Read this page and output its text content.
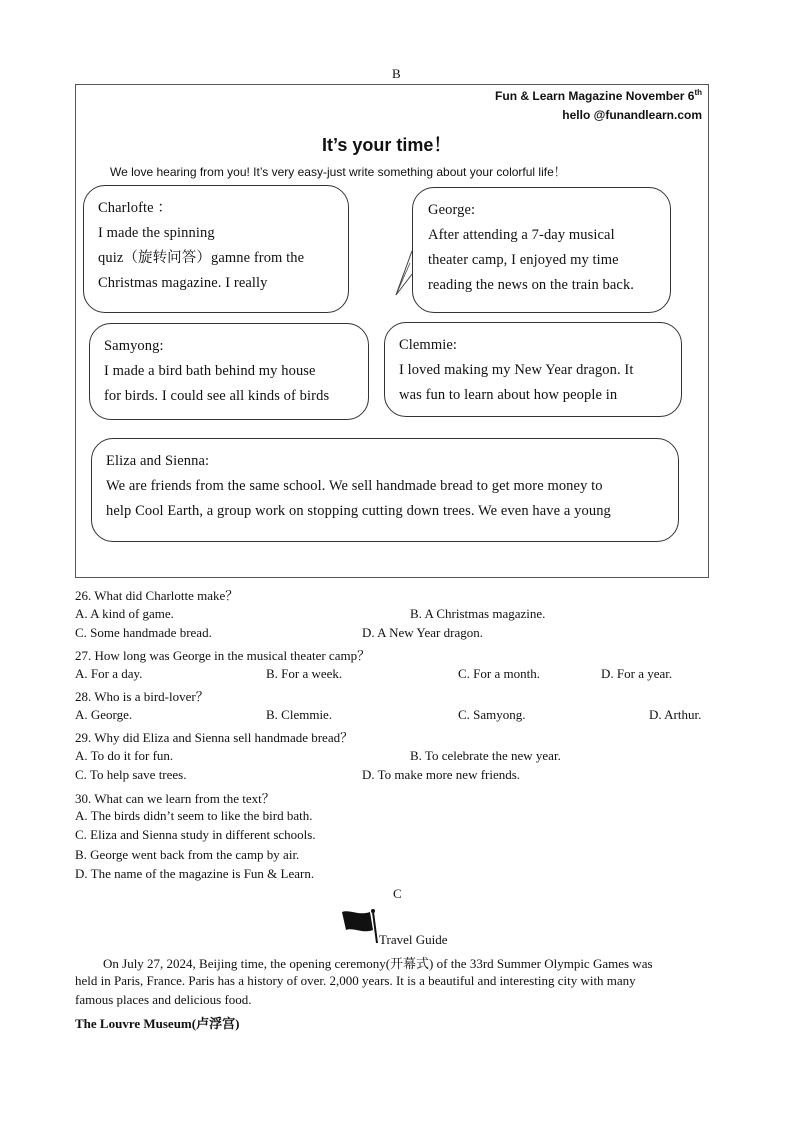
B
Fun & Learn Magazine November 6th
hello @funandlearn.com
It’s your time！
We love hearing from you! It’s very easy-just write something about your colorful life！
Charlofte ：
I made the spinning
quiz（旋转问答）gamne from the
Christmas magazine. I really
George:
After attending a 7-day musical
theater camp, I enjoyed my time
reading the news on the train back.
Samyong:
I made a bird bath behind my house
for birds. I could see all kinds of birds
Clemmie:
I loved making my New Year dragon. It
was fun to learn about how people in
Eliza and Sienna:
We are friends from the same school. We sell handmade bread to get more money to
help Cool Earth, a group work on stopping cutting down trees. We even have a young
26. What did Charlotte make？
A. A kind of game.	B. A Christmas magazine.
C. Some handmade bread.	D. A New Year dragon.
27. How long was George in the musical theater camp？
A. For a day.	B. For a week.	C. For a month.	D. For a year.
28. Who is a bird-lover？
A. George.	B. Clemmie.	C. Samyong.	D. Arthur.
29. Why did Eliza and Sienna sell handmade bread？
A. To do it for fun.	B. To celebrate the new year.
C. To help save trees.	D. To make more new friends.
30. What can we learn from the text？
A. The birds didn’t seem to like the bird bath.
C. Eliza and Sienna study in different schools.
B. George went back from the camp by air.
D. The name of the magazine is Fun & Learn.
C
Travel Guide
On July 27, 2024, Beijing time, the opening ceremony(开幕式) of the 33rd Summer Olympic Games was
held in Paris, France. Paris has a history of over. 2,000 years. It is a beautiful and interesting city with many
famous places and delicious food.
The Louvre Museum(卢浮宫)
